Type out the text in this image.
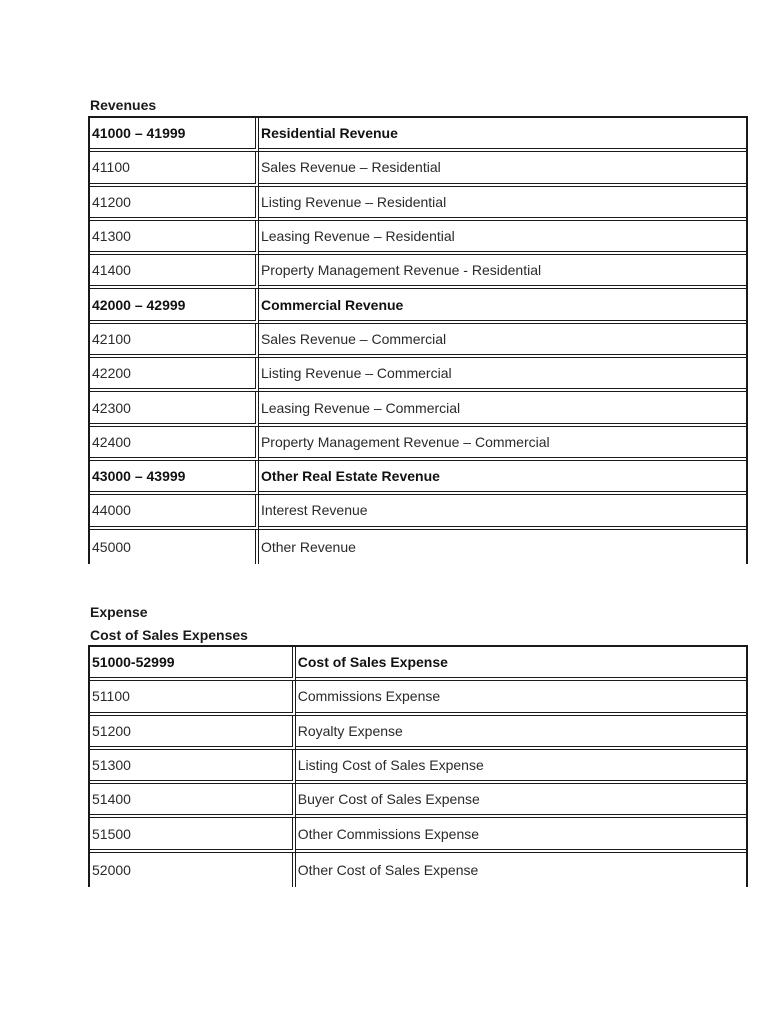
Revenues
41000 – 41999	Residential Revenue
41100	Sales Revenue – Residential
41200	Listing Revenue – Residential
41300	Leasing Revenue – Residential
41400	Property Management Revenue - Residential
42000 – 42999	Commercial Revenue
42100	Sales Revenue – Commercial
42200	Listing Revenue – Commercial
42300	Leasing Revenue – Commercial
42400	Property Management Revenue – Commercial
43000 – 43999	Other Real Estate Revenue
44000	Interest Revenue
45000	Other Revenue
Expense
Cost of Sales Expenses
51000-52999	Cost of Sales Expense
51100	Commissions Expense
51200	Royalty Expense
51300	Listing Cost of Sales Expense
51400	Buyer Cost of Sales Expense
51500	Other Commissions Expense
52000	Other Cost of Sales Expense
